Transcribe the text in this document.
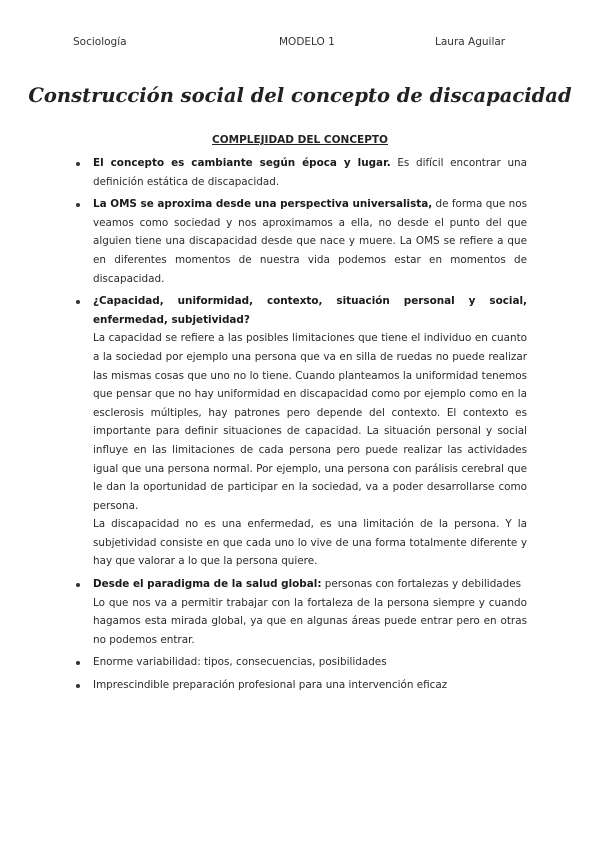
Sociología	MODELO 1	Laura Aguilar
Construcción social del concepto de discapacidad
COMPLEJIDAD DEL CONCEPTO
El concepto es cambiante según época y lugar. Es difícil encontrar una definición estática de discapacidad.
La OMS se aproxima desde una perspectiva universalista, de forma que nos veamos como sociedad y nos aproximamos a ella, no desde el punto del que alguien tiene una discapacidad desde que nace y muere. La OMS se refiere a que en diferentes momentos de nuestra vida podemos estar en momentos de discapacidad.
¿Capacidad, uniformidad, contexto, situación personal y social, enfermedad, subjetividad?

La capacidad se refiere a las posibles limitaciones que tiene el individuo en cuanto a la sociedad por ejemplo una persona que va en silla de ruedas no puede realizar las mismas cosas que uno no lo tiene. Cuando planteamos la uniformidad tenemos que pensar que no hay uniformidad en discapacidad como por ejemplo como en la esclerosis múltiples, hay patrones pero depende del contexto. El contexto es importante para definir situaciones de capacidad. La situación personal y social influye en las limitaciones de cada persona pero puede realizar las actividades igual que una persona normal. Por ejemplo, una persona con parálisis cerebral que le dan la oportunidad de participar en la sociedad, va a poder desarrollarse como persona.

La discapacidad no es una enfermedad, es una limitación de la persona. Y la subjetividad consiste en que cada uno lo vive de una forma totalmente diferente y hay que valorar a lo que la persona quiere.

Desde el paradigma de la salud global: personas con fortalezas y debilidades

Lo que nos va a permitir trabajar con la fortaleza de la persona siempre y cuando hagamos esta mirada global, ya que en algunas áreas puede entrar pero en otras no podemos entrar.

Enorme variabilidad: tipos, consecuencias, posibilidades
Imprescindible preparación profesional para una intervención eficaz
